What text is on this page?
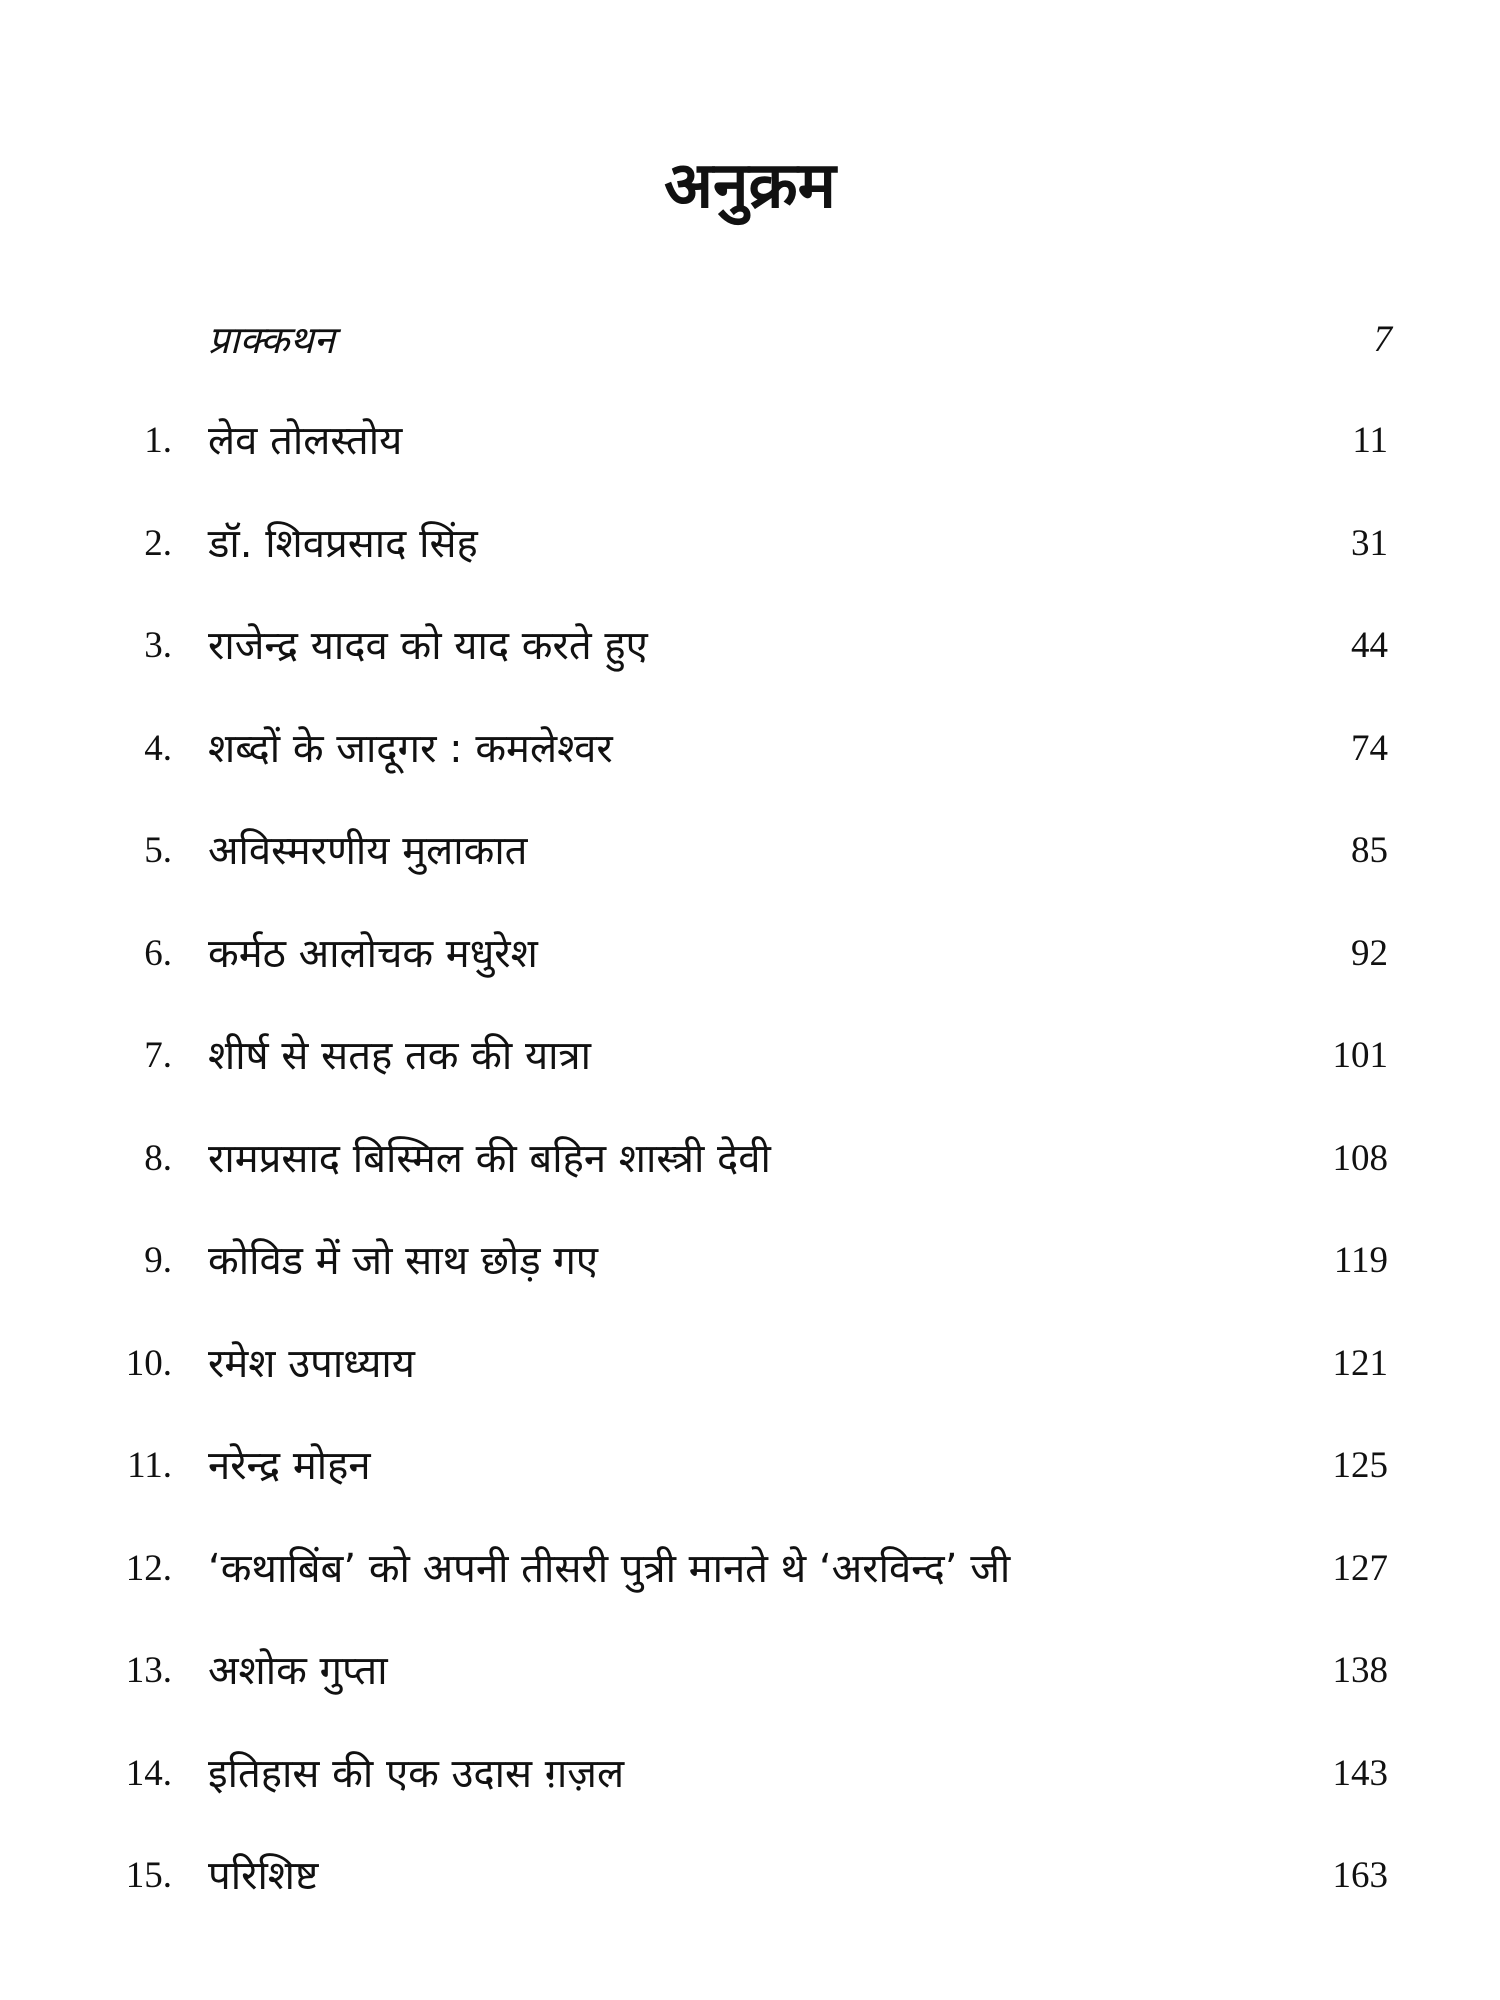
अनुक्रम
प्राक्कथन	7
1. लेव तोलस्तोय	11
2. डॉ. शिवप्रसाद सिंह	31
3. राजेन्द्र यादव को याद करते हुए	44
4. शब्दों के जादूगर : कमलेश्वर	74
5. अविस्मरणीय मुलाकात	85
6. कर्मठ आलोचक मधुरेश	92
7. शीर्ष से सतह तक की यात्रा	101
8. रामप्रसाद बिस्मिल की बहिन शास्त्री देवी	108
9. कोविड में जो साथ छोड़ गए	119
10. रमेश उपाध्याय	121
11. नरेन्द्र मोहन	125
12. ‘कथाबिंब’ को अपनी तीसरी पुत्री मानते थे ‘अरविन्द’ जी	127
13. अशोक गुप्ता	138
14. इतिहास की एक उदास ग़ज़ल	143
15. परिशिष्ट	163
